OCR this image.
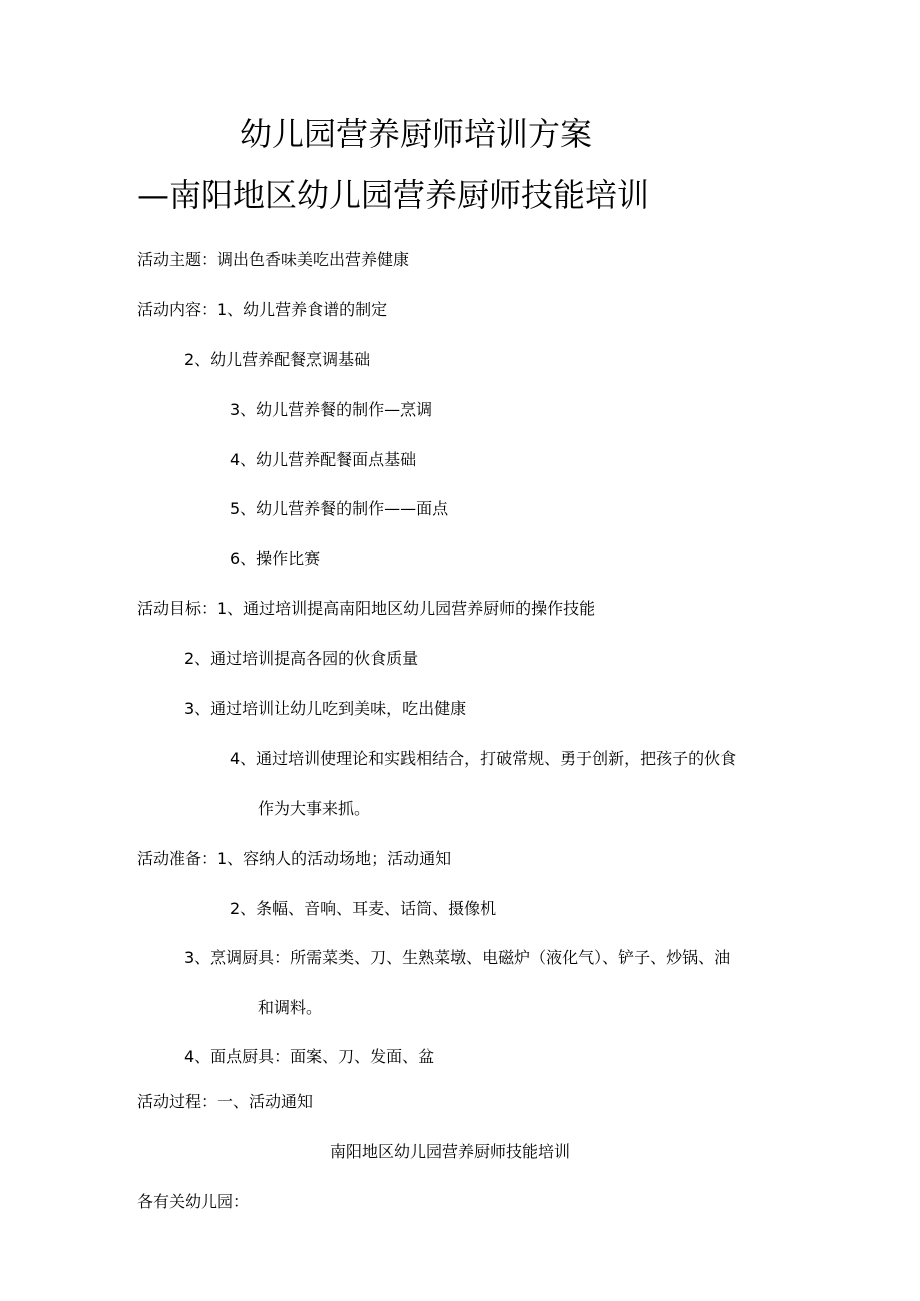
幼儿园营养厨师培训方案
—南阳地区幼儿园营养厨师技能培训
活动主题：调出色香味美吃出营养健康
活动内容：1、幼儿营养食谱的制定
2、幼儿营养配餐烹调基础
3、幼儿营养餐的制作—烹调
4、幼儿营养配餐面点基础
5、幼儿营养餐的制作——面点
6、操作比赛
活动目标：1、通过培训提高南阳地区幼儿园营养厨师的操作技能
2、通过培训提高各园的伙食质量
3、通过培训让幼儿吃到美味，吃出健康
4、通过培训使理论和实践相结合，打破常规、勇于创新，把孩子的伙食
作为大事来抓。
活动准备：1、容纳人的活动场地；活动通知
2、条幅、音响、耳麦、话筒、摄像机
3、烹调厨具：所需菜类、刀、生熟菜墩、电磁炉（液化气）、铲子、炒锅、油
和调料。
4、面点厨具：面案、刀、发面、盆
活动过程：一、活动通知
南阳地区幼儿园营养厨师技能培训
各有关幼儿园：
